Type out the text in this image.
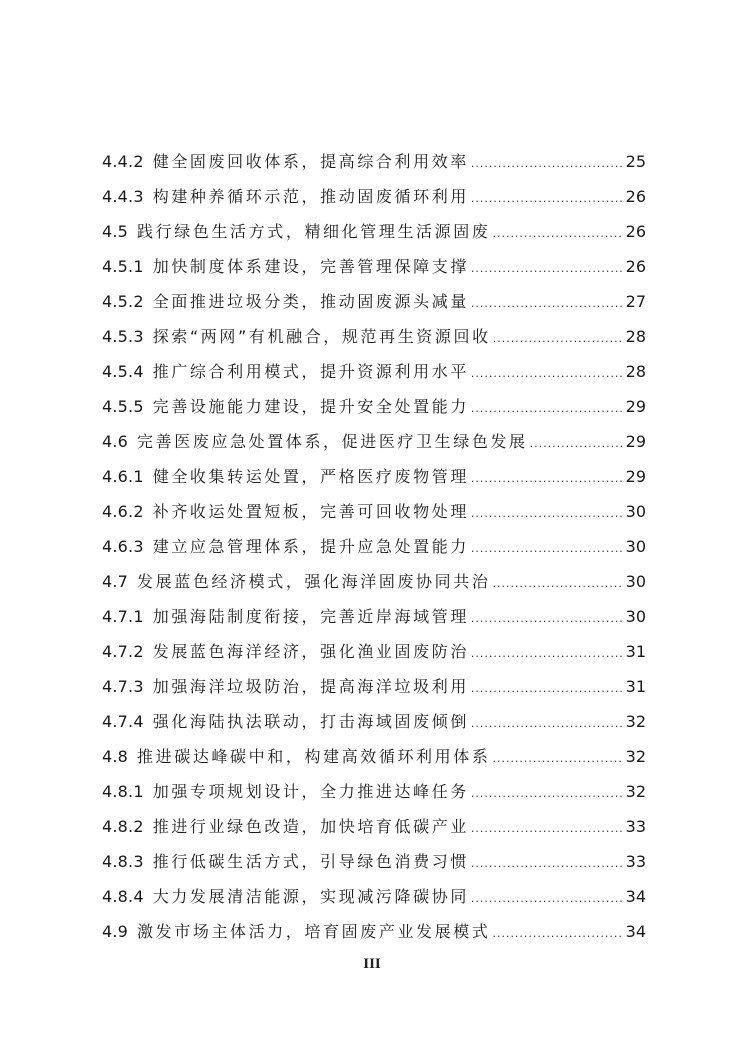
4.4.2 健全固废回收体系，提高综合利用效率 .....	25
4.4.3 构建种养循环示范，推动固废循环利用 .....	26
4.5 践行绿色生活方式，精细化管理生活源固废 .....	26
4.5.1 加快制度体系建设，完善管理保障支撑 .....	26
4.5.2 全面推进垃圾分类，推动固废源头减量 .....	27
4.5.3 探索“两网”有机融合，规范再生资源回收 .....	28
4.5.4 推广综合利用模式，提升资源利用水平 .....	28
4.5.5 完善设施能力建设，提升安全处置能力 .....	29
4.6 完善医废应急处置体系，促进医疗卫生绿色发展 .....	29
4.6.1 健全收集转运处置，严格医疗废物管理 .....	29
4.6.2 补齐收运处置短板，完善可回收物处理 .....	30
4.6.3 建立应急管理体系，提升应急处置能力 .....	30
4.7 发展蓝色经济模式，强化海洋固废协同共治 .....	30
4.7.1 加强海陆制度衔接，完善近岸海域管理 .....	30
4.7.2 发展蓝色海洋经济，强化渔业固废防治 .....	31
4.7.3 加强海洋垃圾防治，提高海洋垃圾利用 .....	31
4.7.4 强化海陆执法联动，打击海域固废倾倒 .....	32
4.8 推进碳达峰碳中和，构建高效循环利用体系 .....	32
4.8.1 加强专项规划设计，全力推进达峰任务 .....	32
4.8.2 推进行业绿色改造，加快培育低碳产业 .....	33
4.8.3 推行低碳生活方式，引导绿色消费习惯 .....	33
4.8.4 大力发展清洁能源，实现减污降碳协同 .....	34
4.9 激发市场主体活力，培育固废产业发展模式 .....	34
III
